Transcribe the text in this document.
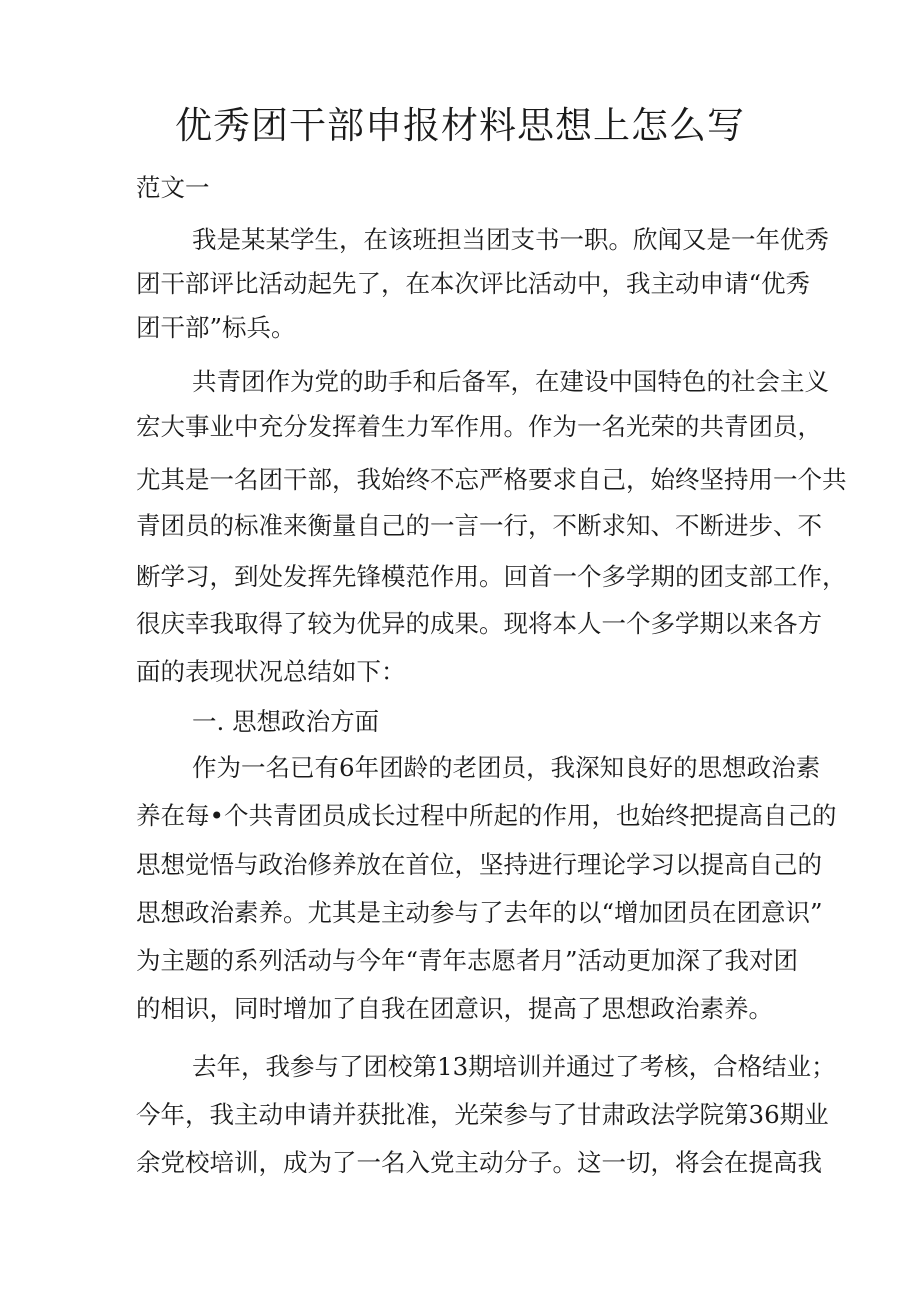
优秀团干部申报材料思想上怎么写
范文一
我是某某学生，在该班担当团支书一职。欣闻又是一年优秀
团干部评比活动起先了，在本次评比活动中，我主动申请“优秀
团干部”标兵。
共青团作为党的助手和后备军，在建设中国特色的社会主义
宏大事业中充分发挥着生力军作用。作为一名光荣的共青团员，
尤其是一名团干部，我始终不忘严格要求自己，始终坚持用一个共
青团员的标准来衡量自己的一言一行，不断求知、不断进步、不
断学习，到处发挥先锋模范作用。回首一个多学期的团支部工作，
很庆幸我取得了较为优异的成果。现将本人一个多学期以来各方
面的表现状况总结如下：
一. 思想政治方面
作为一名已有6年团龄的老团员，我深知良好的思想政治素
养在每•个共青团员成长过程中所起的作用，也始终把提高自己的
思想觉悟与政治修养放在首位，坚持进行理论学习以提高自己的
思想政治素养。尤其是主动参与了去年的以“增加团员在团意识”
为主题的系列活动与今年“青年志愿者月”活动更加深了我对团
的相识，同时增加了自我在团意识，提高了思想政治素养。
去年，我参与了团校第13期培训并通过了考核，合格结业；
今年，我主动申请并获批准，光荣参与了甘肃政法学院第36期业
余党校培训，成为了一名入党主动分子。这一切，将会在提高我
